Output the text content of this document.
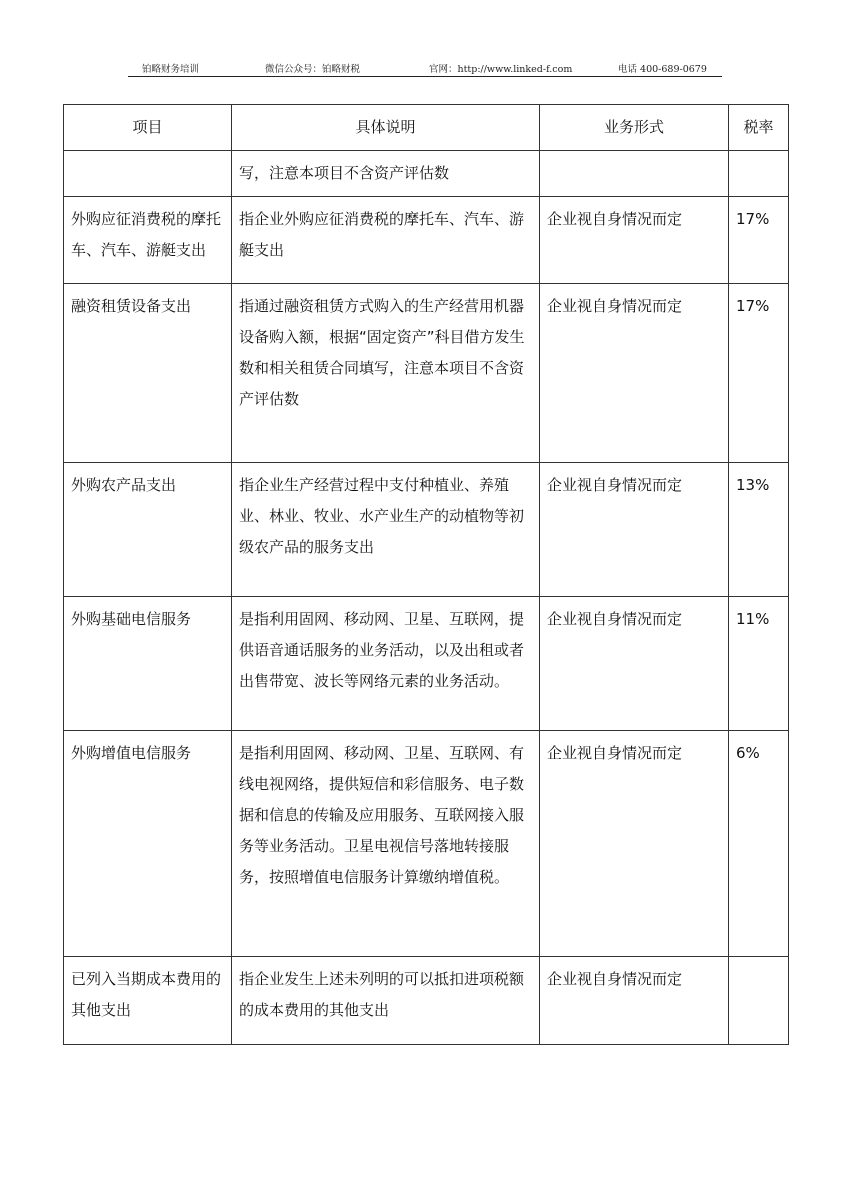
铂略财务培训	微信公众号：铂略财税	官网：http://www.linked-f.com	电话 400-689-0679
项目	具体说明	业务形式	税率
	写，注意本项目不含资产评估数		
外购应征消费税的摩托车、汽车、游艇支出	指企业外购应征消费税的摩托车、汽车、游艇支出	企业视自身情况而定	17%
融资租赁设备支出	指通过融资租赁方式购入的生产经营用机器设备购入额，根据“固定资产”科目借方发生数和相关租赁合同填写，注意本项目不含资产评估数	企业视自身情况而定	17%
外购农产品支出	指企业生产经营过程中支付种植业、养殖业、林业、牧业、水产业生产的动植物等初级农产品的服务支出	企业视自身情况而定	13%
外购基础电信服务	是指利用固网、移动网、卫星、互联网，提供语音通话服务的业务活动，以及出租或者出售带宽、波长等网络元素的业务活动。	企业视自身情况而定	11%
外购增值电信服务	是指利用固网、移动网、卫星、互联网、有线电视网络，提供短信和彩信服务、电子数据和信息的传输及应用服务、互联网接入服务等业务活动。卫星电视信号落地转接服务，按照增值电信服务计算缴纳增值税。	企业视自身情况而定	6%
已列入当期成本费用的其他支出	指企业发生上述未列明的可以抵扣进项税额的成本费用的其他支出	企业视自身情况而定	
